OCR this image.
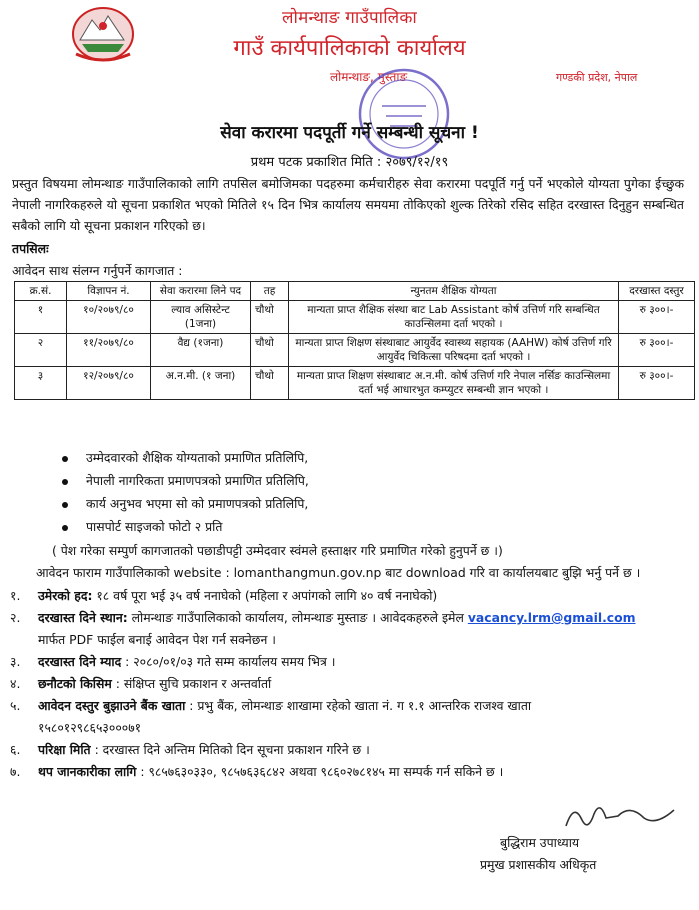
लोमन्थाङ गाउँपालिका
गाउँ कार्यपालिकाको कार्यालय
लोमन्थाङ, मुस्ताङ	गण्डकी प्रदेश, नेपाल
सेवा करारमा पदपूर्ती गर्ने सम्बन्धी सूचना !
प्रथम पटक प्रकाशित मिति : २०७९/१२/१९
प्रस्तुत विषयमा लोमन्थाङ गाउँपालिकाको लागि तपसिल बमोजिमका पदहरुमा कर्मचारीहरु सेवा करारमा पदपूर्ति गर्नु पर्ने भएकोले योग्यता पुगेका ईच्छुक नेपाली नागरिकहरुले यो सूचना प्रकाशित भएको मितिले १५ दिन भित्र कार्यालय समयमा तोकिएको शुल्क तिरेको रसिद सहित दरखास्त दिनुहुन सम्बन्धित सबैको लागि यो सूचना प्रकाशन गरिएको छ।
तपसिलः
आवेदन साथ संलग्न गर्नुपर्ने कागजात :
क्र.सं.	विज्ञापन नं.	सेवा करारमा लिने पद	तह	न्युनतम शैक्षिक योग्यता	दरखास्त दस्तुर
१	१०/२०७९/८०	ल्याव असिस्टेन्ट (1जना)	चौथो	मान्यता प्राप्त शैक्षिक संस्था बाट Lab Assistant कोर्ष उत्तिर्ण गरि सम्बन्धित काउन्सिलमा दर्ता भएको ।	रु ३००।-
२	११/२०७९/८०	वैद्य (१जना)	चौथो	मान्यता प्राप्त शिक्षण संस्थाबाट आयुर्वेद स्वास्थ्य सहायक (AAHW) कोर्ष उत्तिर्ण गरि आयुर्वेद चिकित्सा परिषदमा दर्ता भएको ।	रु ३००।-
३	१२/२०७९/८०	अ.न.मी. (१ जना)	चौथो	मान्यता प्राप्त शिक्षण संस्थाबाट अ.न.मी. कोर्ष उत्तिर्ण गरि नेपाल नर्सिङ काउन्सिलमा दर्ता भई आधारभुत कम्प्युटर सम्बन्धी ज्ञान भएको ।	रु ३००।-
उम्मेदवारको शैक्षिक योग्यताको प्रमाणित प्रतिलिपि,
नेपाली नागरिकता प्रमाणपत्रको प्रमाणित प्रतिलिपि,
कार्य अनुभव भएमा सो को प्रमाणपत्रको प्रतिलिपि,
पासपोर्ट साइजको फोटो २ प्रति
( पेश गरेका सम्पुर्ण कागजातको पछाडीपट्टी उम्मेदवार स्वंमले हस्ताक्षर गरि प्रमाणित गरेको हुनुपर्ने छ ।)
आवेदन फाराम गाउँपालिकाको website : lomanthangmun.gov.np बाट download गरि वा कार्यालयबाट बुझि भर्नु पर्ने छ ।
१. उमेरको हद: १८ वर्ष पूरा भई ३५ वर्ष ननाघेको (महिला र अपांगको लागि ४० वर्ष ननाघेको)
२. दरखास्त दिने स्थान: लोमन्थाङ गाउँपालिकाको कार्यालय, लोमन्थाङ मुस्ताङ । आवेदकहरुले इमेल vacancy.lrm@gmail.com
मार्फत PDF फाईल बनाई आवेदन पेश गर्न सक्नेछन ।
३. दरखास्त दिने म्याद : २०८०/०१/०३ गते सम्म कार्यालय समय भित्र ।
४. छनौटको किसिम : संक्षिप्त सुचि प्रकाशन र अन्तर्वार्ता
५. आवेदन दस्तुर बुझाउने बैंक खाता : प्रभु बैंक, लोमन्थाङ शाखामा रहेको खाता नं. ग १.१ आन्तरिक राजश्व खाता
१५८०१२९८६५३०००७१
६. परिक्षा मिति : दरखास्त दिने अन्तिम मितिको दिन सूचना प्रकाशन गरिने छ ।
७. थप जानकारीका लागि : ९८५७६३०३३०, ९८५७६३६८४२ अथवा ९८६०२७८१४५ मा सम्पर्क गर्न सकिने छ ।
बुद्धिराम उपाध्याय
प्रमुख प्रशासकीय अधिकृत
